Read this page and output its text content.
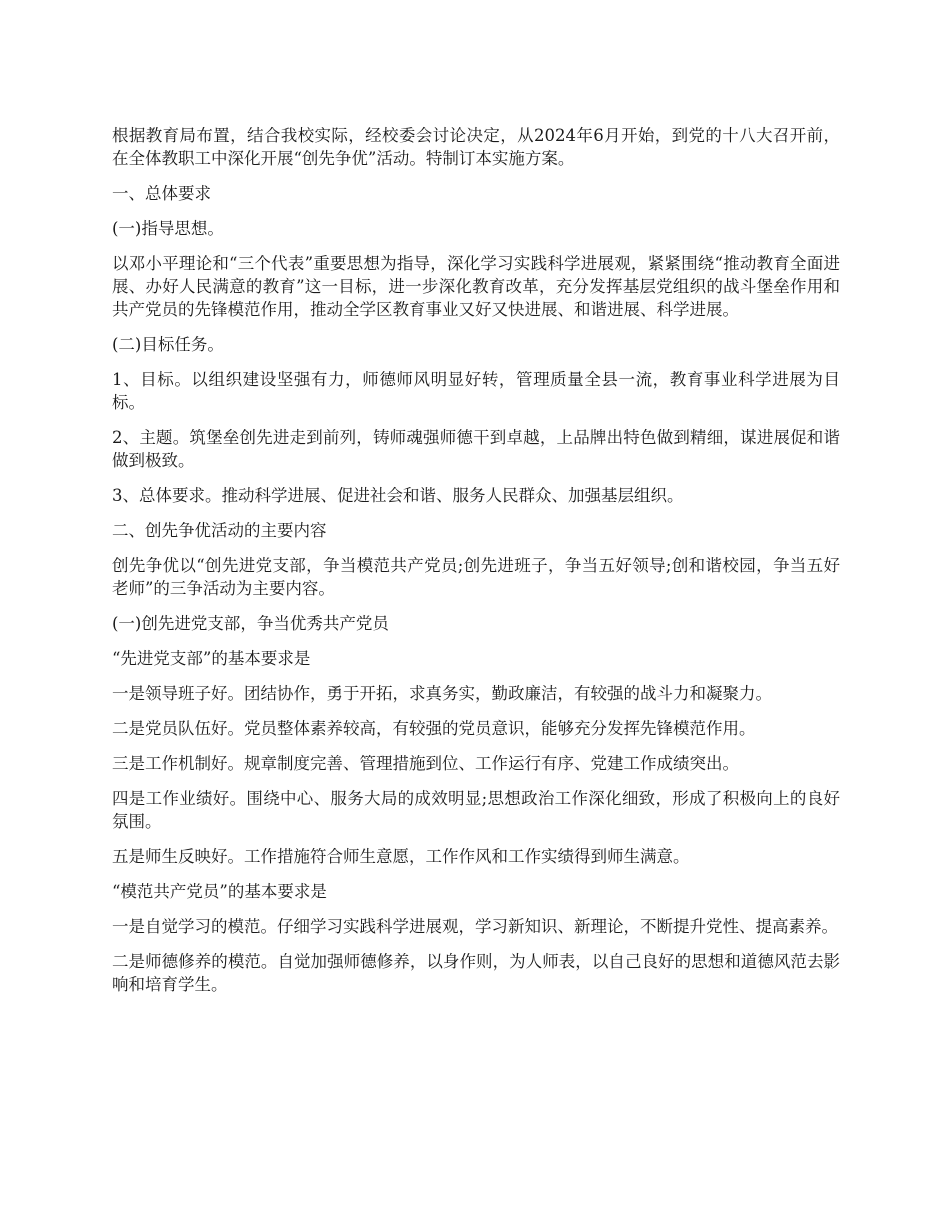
根据教育局布置，结合我校实际，经校委会讨论决定，从2024年6月开始，到党的十八大召开前，在全体教职工中深化开展“创先争优”活动。特制订本实施方案。

一、总体要求

(一)指导思想。

以邓小平理论和“三个代表”重要思想为指导，深化学习实践科学进展观，紧紧围绕“推动教育全面进展、办好人民满意的教育”这一目标，进一步深化教育改革，充分发挥基层党组织的战斗堡垒作用和共产党员的先锋模范作用，推动全学区教育事业又好又快进展、和谐进展、科学进展。

(二)目标任务。

1、目标。以组织建设坚强有力，师德师风明显好转，管理质量全县一流，教育事业科学进展为目标。

2、主题。筑堡垒创先进走到前列，铸师魂强师德干到卓越，上品牌出特色做到精细，谋进展促和谐做到极致。

3、总体要求。推动科学进展、促进社会和谐、服务人民群众、加强基层组织。

二、创先争优活动的主要内容

创先争优以“创先进党支部，争当模范共产党员;创先进班子，争当五好领导;创和谐校园，争当五好老师”的三争活动为主要内容。

(一)创先进党支部，争当优秀共产党员

“先进党支部”的基本要求是

一是领导班子好。团结协作，勇于开拓，求真务实，勤政廉洁，有较强的战斗力和凝聚力。

二是党员队伍好。党员整体素养较高，有较强的党员意识，能够充分发挥先锋模范作用。

三是工作机制好。规章制度完善、管理措施到位、工作运行有序、党建工作成绩突出。

四是工作业绩好。围绕中心、服务大局的成效明显;思想政治工作深化细致，形成了积极向上的良好氛围。

五是师生反映好。工作措施符合师生意愿，工作作风和工作实绩得到师生满意。

“模范共产党员”的基本要求是

一是自觉学习的模范。仔细学习实践科学进展观，学习新知识、新理论，不断提升党性、提高素养。

二是师德修养的模范。自觉加强师德修养，以身作则，为人师表，以自己良好的思想和道德风范去影响和培育学生。
